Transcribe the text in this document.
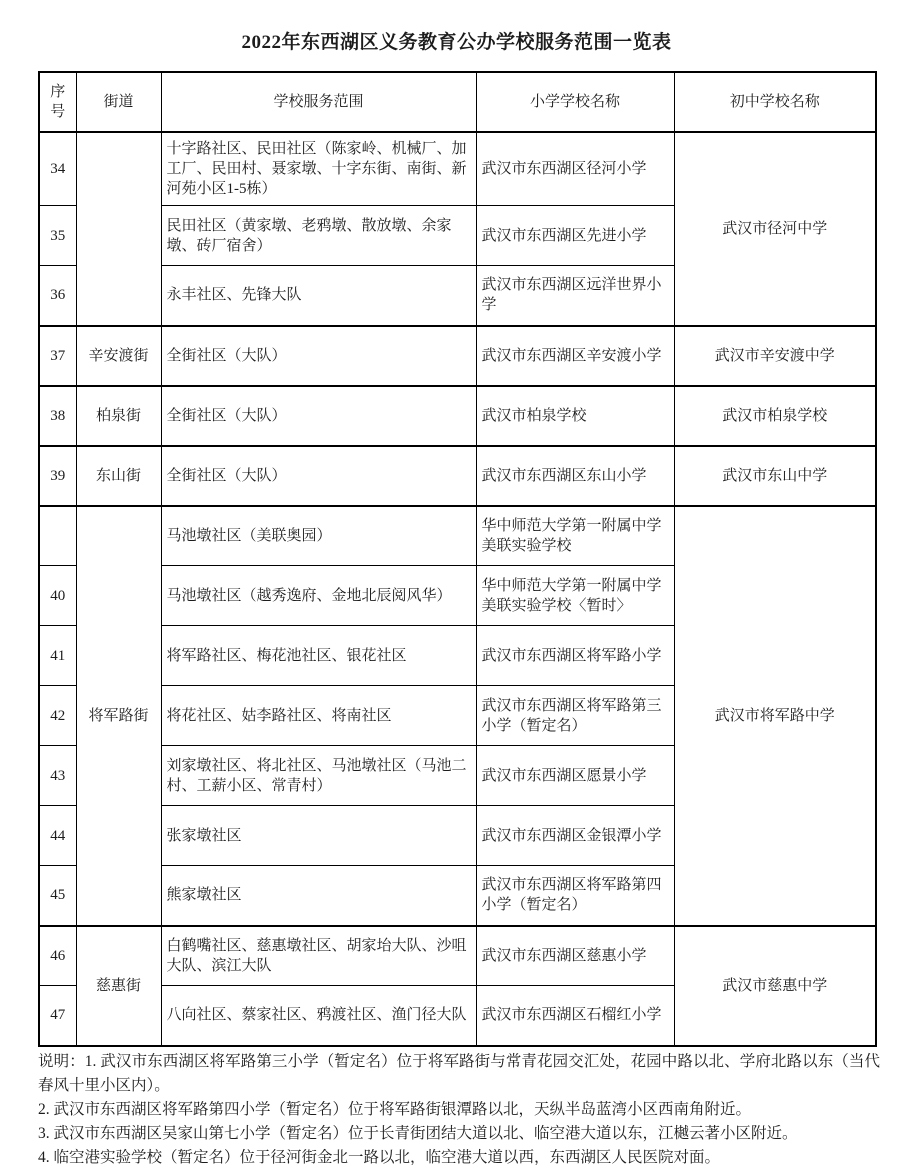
2022年东西湖区义务教育公办学校服务范围一览表
序号	街道	学校服务范围	小学学校名称	初中学校名称
34		十字路社区、民田社区（陈家岭、机械厂、加工厂、民田村、聂家墩、十字东街、南街、新河苑小区1-5栋）	武汉市东西湖区径河小学	武汉市径河中学
35		民田社区（黄家墩、老鸦墩、散放墩、余家墩、砖厂宿舍）	武汉市东西湖区先进小学	
36		永丰社区、先锋大队	武汉市东西湖区远洋世界小学	
37	辛安渡街	全街社区（大队）	武汉市东西湖区辛安渡小学	武汉市辛安渡中学
38	柏泉街	全街社区（大队）	武汉市柏泉学校	武汉市柏泉学校
39	东山街	全街社区（大队）	武汉市东西湖区东山小学	武汉市东山中学
	将军路街	马池墩社区（美联奥园）	华中师范大学第一附属中学美联实验学校	武汉市将军路中学
40		马池墩社区（越秀逸府、金地北辰阅风华）	华中师范大学第一附属中学美联实验学校〈暂时〉	
41		将军路社区、梅花池社区、银花社区	武汉市东西湖区将军路小学	
42		将花社区、姑李路社区、将南社区	武汉市东西湖区将军路第三小学（暂定名）	
43		刘家墩社区、将北社区、马池墩社区（马池二村、工薪小区、常青村）	武汉市东西湖区愿景小学	
44		张家墩社区	武汉市东西湖区金银潭小学	
45		熊家墩社区	武汉市东西湖区将军路第四小学（暂定名）	
46	慈惠街	白鹤嘴社区、慈惠墩社区、胡家坮大队、沙咀大队、滨江大队	武汉市东西湖区慈惠小学	武汉市慈惠中学
47		八向社区、蔡家社区、鸦渡社区、渔门径大队	武汉市东西湖区石榴红小学	
说明：1. 武汉市东西湖区将军路第三小学（暂定名）位于将军路街与常青花园交汇处，花园中路以北、学府北路以东（当代春风十里小区内）。
2. 武汉市东西湖区将军路第四小学（暂定名）位于将军路街银潭路以北，天纵半岛蓝湾小区西南角附近。
3. 武汉市东西湖区吴家山第七小学（暂定名）位于长青街团结大道以北、临空港大道以东，江樾云著小区附近。
4. 临空港实验学校（暂定名）位于径河街金北一路以北，临空港大道以西，东西湖区人民医院对面。
